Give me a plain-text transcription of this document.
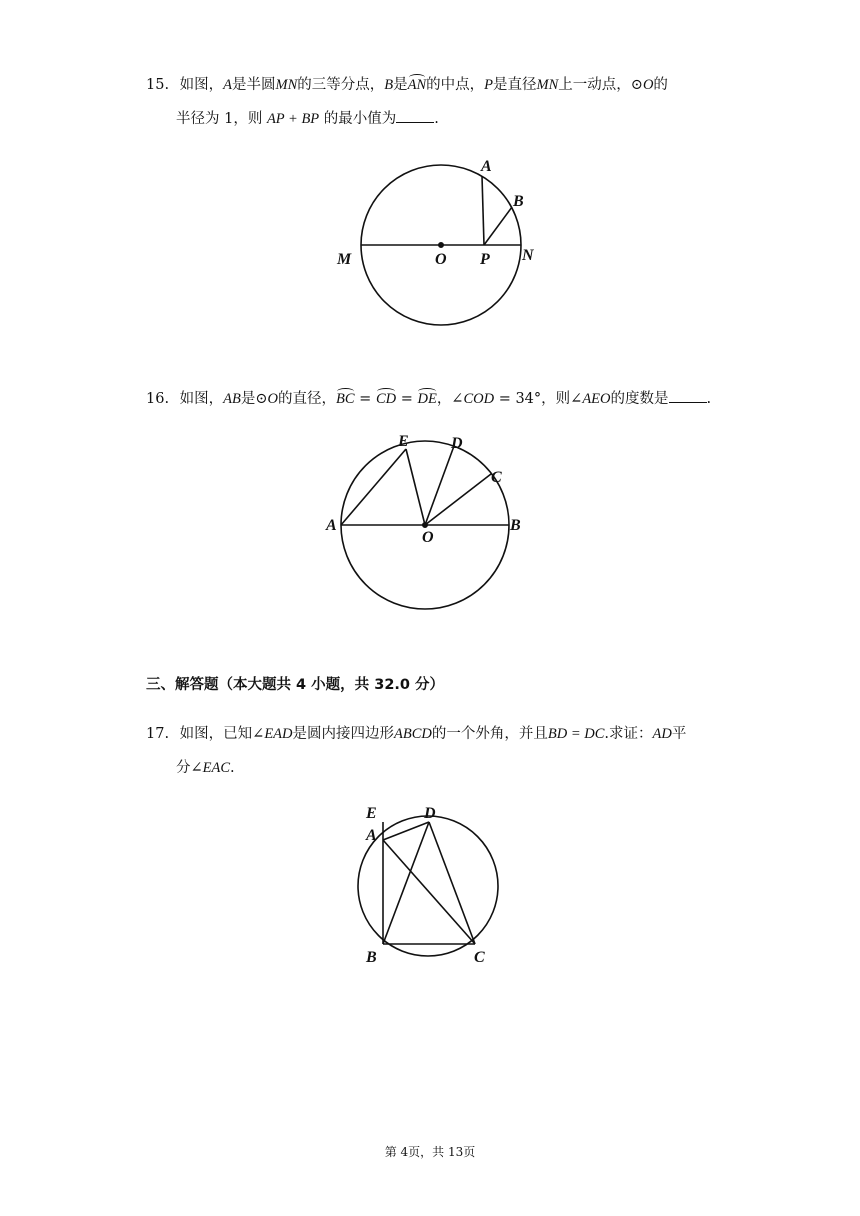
15. 如图，A是半圆MN的三等分点，B是AN的中点，P是直径MN上一动点，⊙O的
半径为 1，则 AP + BP 的最小值为	.
16. 如图，AB是⊙O的直径，BC = CD = DE，∠COD = 34°，则∠AEO的度数是	.
三、解答题（本大题共 4 小题，共 32.0 分）
17. 如图，已知∠EAD是圆内接四边形ABCD的一个外角，并且BD = DC.求证：AD平
分∠EAC.
A
B
M	O P N
E	D
C
A
O
B
E
A
D
B	C
第 4页，共 13页
